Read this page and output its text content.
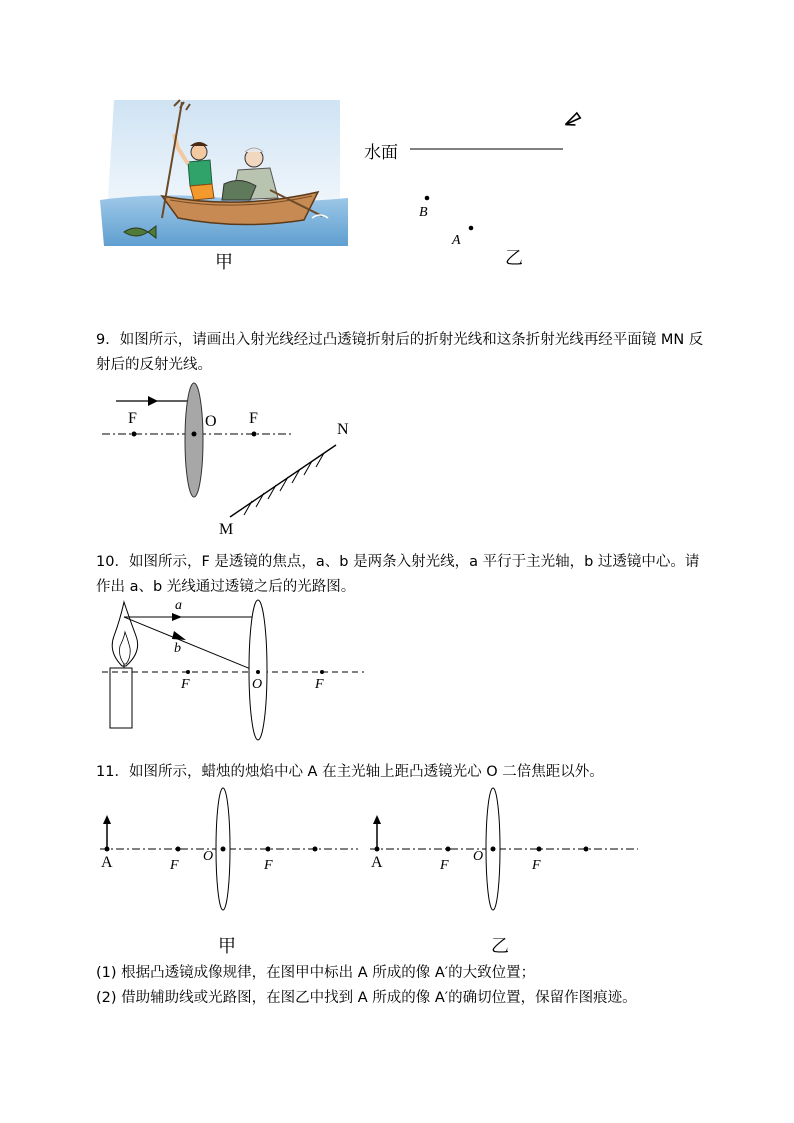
甲
水面
B
A
乙
9．如图所示，请画出入射光线经过凸透镜折射后的折射光线和这条折射光线再经平面镜 MN 反射后的反射光线。
F	O F
N
M
10．如图所示，F 是透镜的焦点，a、b 是两条入射光线，a 平行于主光轴，b 过透镜中心。请作出 a、b 光线通过透镜之后的光路图。
a
b
F	O	F
11．如图所示，蜡烛的烛焰中心 A 在主光轴上距凸透镜光心 O 二倍焦距以外。
A	F
O
F
甲
A	F
O
F
乙
(1) 根据凸透镜成像规律，在图甲中标出 A 所成的像 A′的大致位置；
(2) 借助辅助线或光路图，在图乙中找到 A 所成的像 A′的确切位置，保留作图痕迹。
